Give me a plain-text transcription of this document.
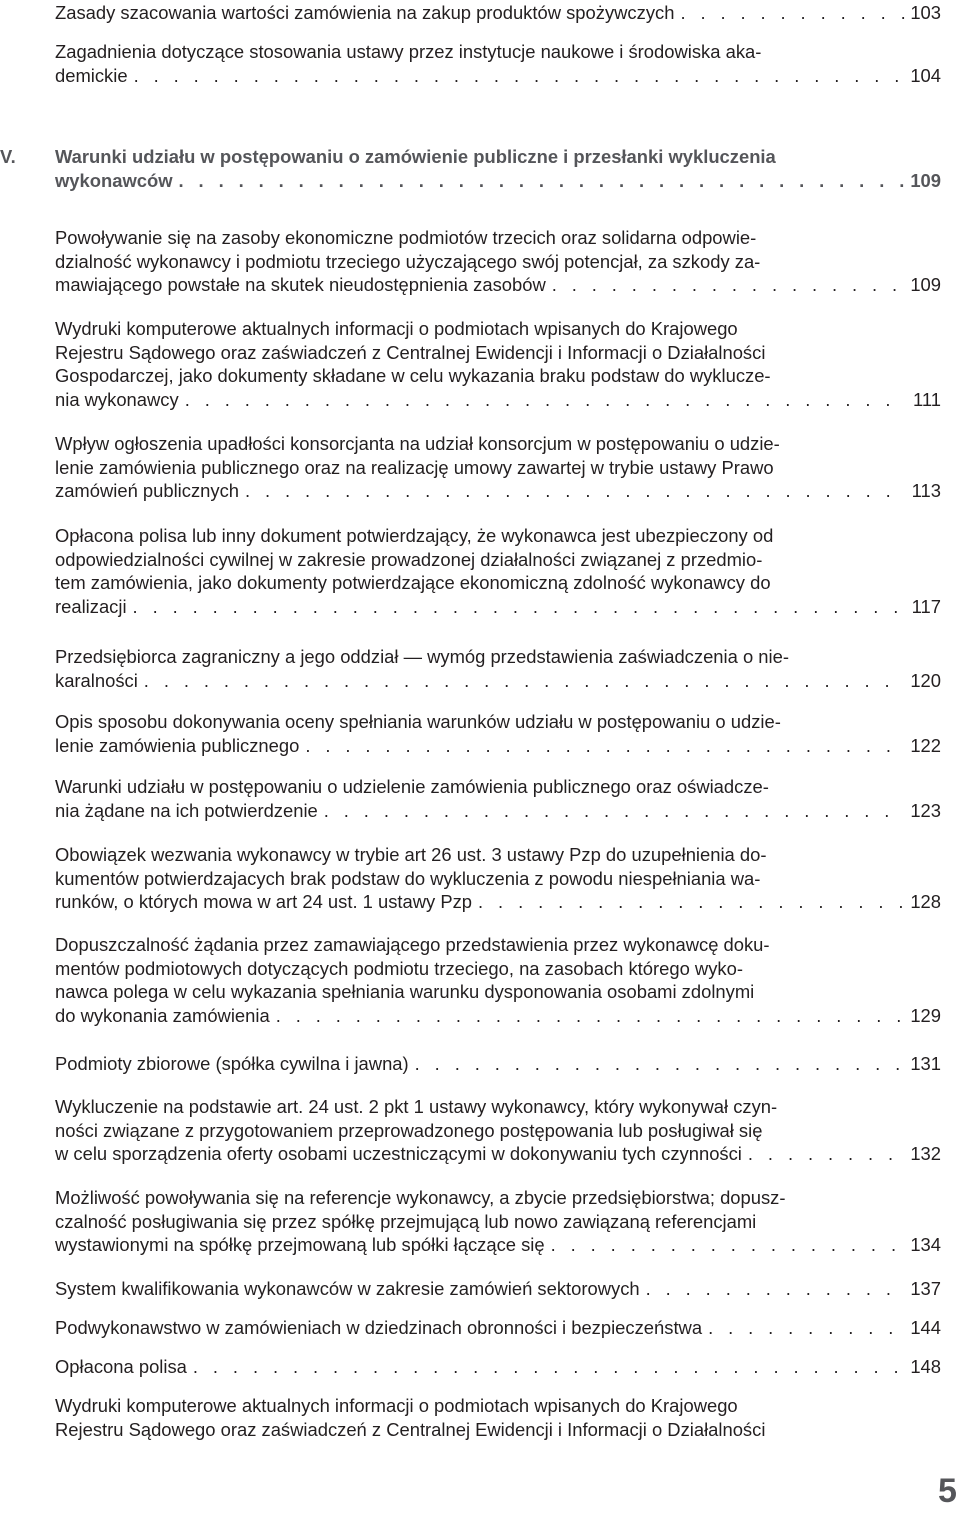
Zasady szacowania wartości zamówienia na zakup produktów spożywczych . . .	103
Zagadnienia dotyczące stosowania ustawy przez instytucje naukowe i środowiska aka-
demickie . . .	104
V. Warunki udziału w postępowaniu o zamówienie publiczne i przesłanki wykluczenia
wykonawców . . .	109
Powoływanie się na zasoby ekonomiczne podmiotów trzecich oraz solidarna odpowie-
dzialność wykonawcy i podmiotu trzeciego użyczającego swój potencjał, za szkody za-
mawiającego powstałe na skutek nieudostępnienia zasobów . . .	109
Wydruki komputerowe aktualnych informacji o podmiotach wpisanych do Krajowego
Rejestru Sądowego oraz zaświadczeń z Centralnej Ewidencji i Informacji o Działalności
Gospodarczej, jako dokumenty składane w celu wykazania braku podstaw do wyklucze-
nia wykonawcy . . .	111
Wpływ ogłoszenia upadłości konsorcjanta na udział konsorcjum w postępowaniu o udzie-
lenie zamówienia publicznego oraz na realizację umowy zawartej w trybie ustawy Prawo
zamówień publicznych . . .	113
Opłacona polisa lub inny dokument potwierdzający, że wykonawca jest ubezpieczony od
odpowiedzialności cywilnej w zakresie prowadzonej działalności związanej z przedmio-
tem zamówienia, jako dokumenty potwierdzające ekonomiczną zdolność wykonawcy do
realizacji . . .	117
Przedsiębiorca zagraniczny a jego oddział — wymóg przedstawienia zaświadczenia o nie-
karalności . . .	120
Opis sposobu dokonywania oceny spełniania warunków udziału w postępowaniu o udzie-
lenie zamówienia publicznego . . .	122
Warunki udziału w postępowaniu o udzielenie zamówienia publicznego oraz oświadcze-
nia żądane na ich potwierdzenie . . .	123
Obowiązek wezwania wykonawcy w trybie art 26 ust. 3 ustawy Pzp do uzupełnienia do-
kumentów potwierdzajacych brak podstaw do wykluczenia z powodu niespełniania wa-
runków, o których mowa w art 24 ust. 1 ustawy Pzp . . .	128
Dopuszczalność żądania przez zamawiającego przedstawienia przez wykonawcę doku-
mentów podmiotowych dotyczących podmiotu trzeciego, na zasobach którego wyko-
nawca polega w celu wykazania spełniania warunku dysponowania osobami zdolnymi
do wykonania zamówienia . . .	129
Podmioty zbiorowe (spółka cywilna i jawna) . . .	131
Wykluczenie na podstawie art. 24 ust. 2 pkt 1 ustawy wykonawcy, który wykonywał czyn-
ności związane z przygotowaniem przeprowadzonego postępowania lub posługiwał się
w celu sporządzenia oferty osobami uczestniczącymi w dokonywaniu tych czynności . . .	132
Możliwość powoływania się na referencje wykonawcy, a zbycie przedsiębiorstwa; dopusz-
czalność posługiwania się przez spółkę przejmującą lub nowo zawiązaną referencjami
wystawionymi na spółkę przejmowaną lub spółki łączące się . . .	134
System kwalifikowania wykonawców w zakresie zamówień sektorowych . . .	137
Podwykonawstwo w zamówieniach w dziedzinach obronności i bezpieczeństwa . . .	144
Opłacona polisa . . .	148
Wydruki komputerowe aktualnych informacji o podmiotach wpisanych do Krajowego
Rejestru Sądowego oraz zaświadczeń z Centralnej Ewidencji i Informacji o Działalności
5
